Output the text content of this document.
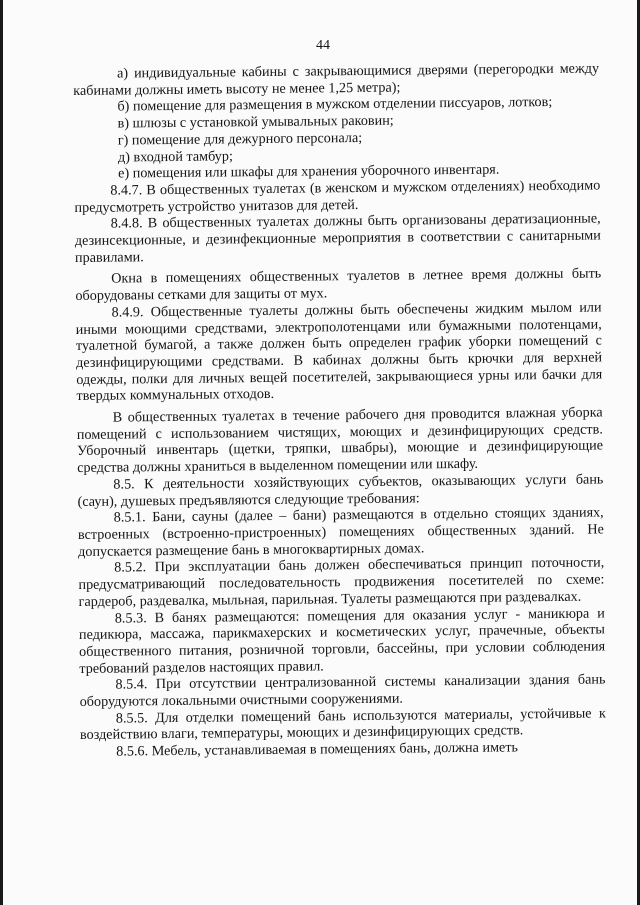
44

а) индивидуальные кабины с закрывающимися дверями (перегородки между кабинами должны иметь высоту не менее 1,25 метра);

б) помещение для размещения в мужском отделении писсуаров, лотков;

в) шлюзы с установкой умывальных раковин;

г) помещение для дежурного персонала;

д) входной тамбур;

е) помещения или шкафы для хранения уборочного инвентаря.

8.4.7. В общественных туалетах (в женском и мужском отделениях) необходимо предусмотреть устройство унитазов для детей.

8.4.8. В общественных туалетах должны быть организованы дератизационные, дезинсекционные, и дезинфекционные мероприятия в соответствии с санитарными правилами.

Окна в помещениях общественных туалетов в летнее время должны быть оборудованы сетками для защиты от мух.

8.4.9. Общественные туалеты должны быть обеспечены жидким мылом или иными моющими средствами, электрополотенцами или бумажными полотенцами, туалетной бумагой, а также должен быть определен график уборки помещений с дезинфицирующими средствами. В кабинах должны быть крючки для верхней одежды, полки для личных вещей посетителей, закрывающиеся урны или бачки для твердых коммунальных отходов.

В общественных туалетах в течение рабочего дня проводится влажная уборка помещений с использованием чистящих, моющих и дезинфицирующих средств. Уборочный инвентарь (щетки, тряпки, швабры), моющие и дезинфицирующие средства должны храниться в выделенном помещении или шкафу.

8.5. К деятельности хозяйствующих субъектов, оказывающих услуги бань (саун), душевых предъявляются следующие требования:

8.5.1. Бани, сауны (далее – бани) размещаются в отдельно стоящих зданиях, встроенных (встроенно-пристроенных) помещениях общественных зданий. Не допускается размещение бань в многоквартирных домах.

8.5.2. При эксплуатации бань должен обеспечиваться принцип поточности, предусматривающий последовательность продвижения посетителей по схеме: гардероб, раздевалка, мыльная, парильная. Туалеты размещаются при раздевалках.

8.5.3. В банях размещаются: помещения для оказания услуг - маникюра и педикюра, массажа, парикмахерских и косметических услуг, прачечные, объекты общественного питания, розничной торговли, бассейны, при условии соблюдения требований разделов настоящих правил.

8.5.4. При отсутствии централизованной системы канализации здания бань оборудуются локальными очистными сооружениями.

8.5.5. Для отделки помещений бань используются материалы, устойчивые к воздействию влаги, температуры, моющих и дезинфицирующих средств.

8.5.6. Мебель, устанавливаемая в помещениях бань, должна иметь
